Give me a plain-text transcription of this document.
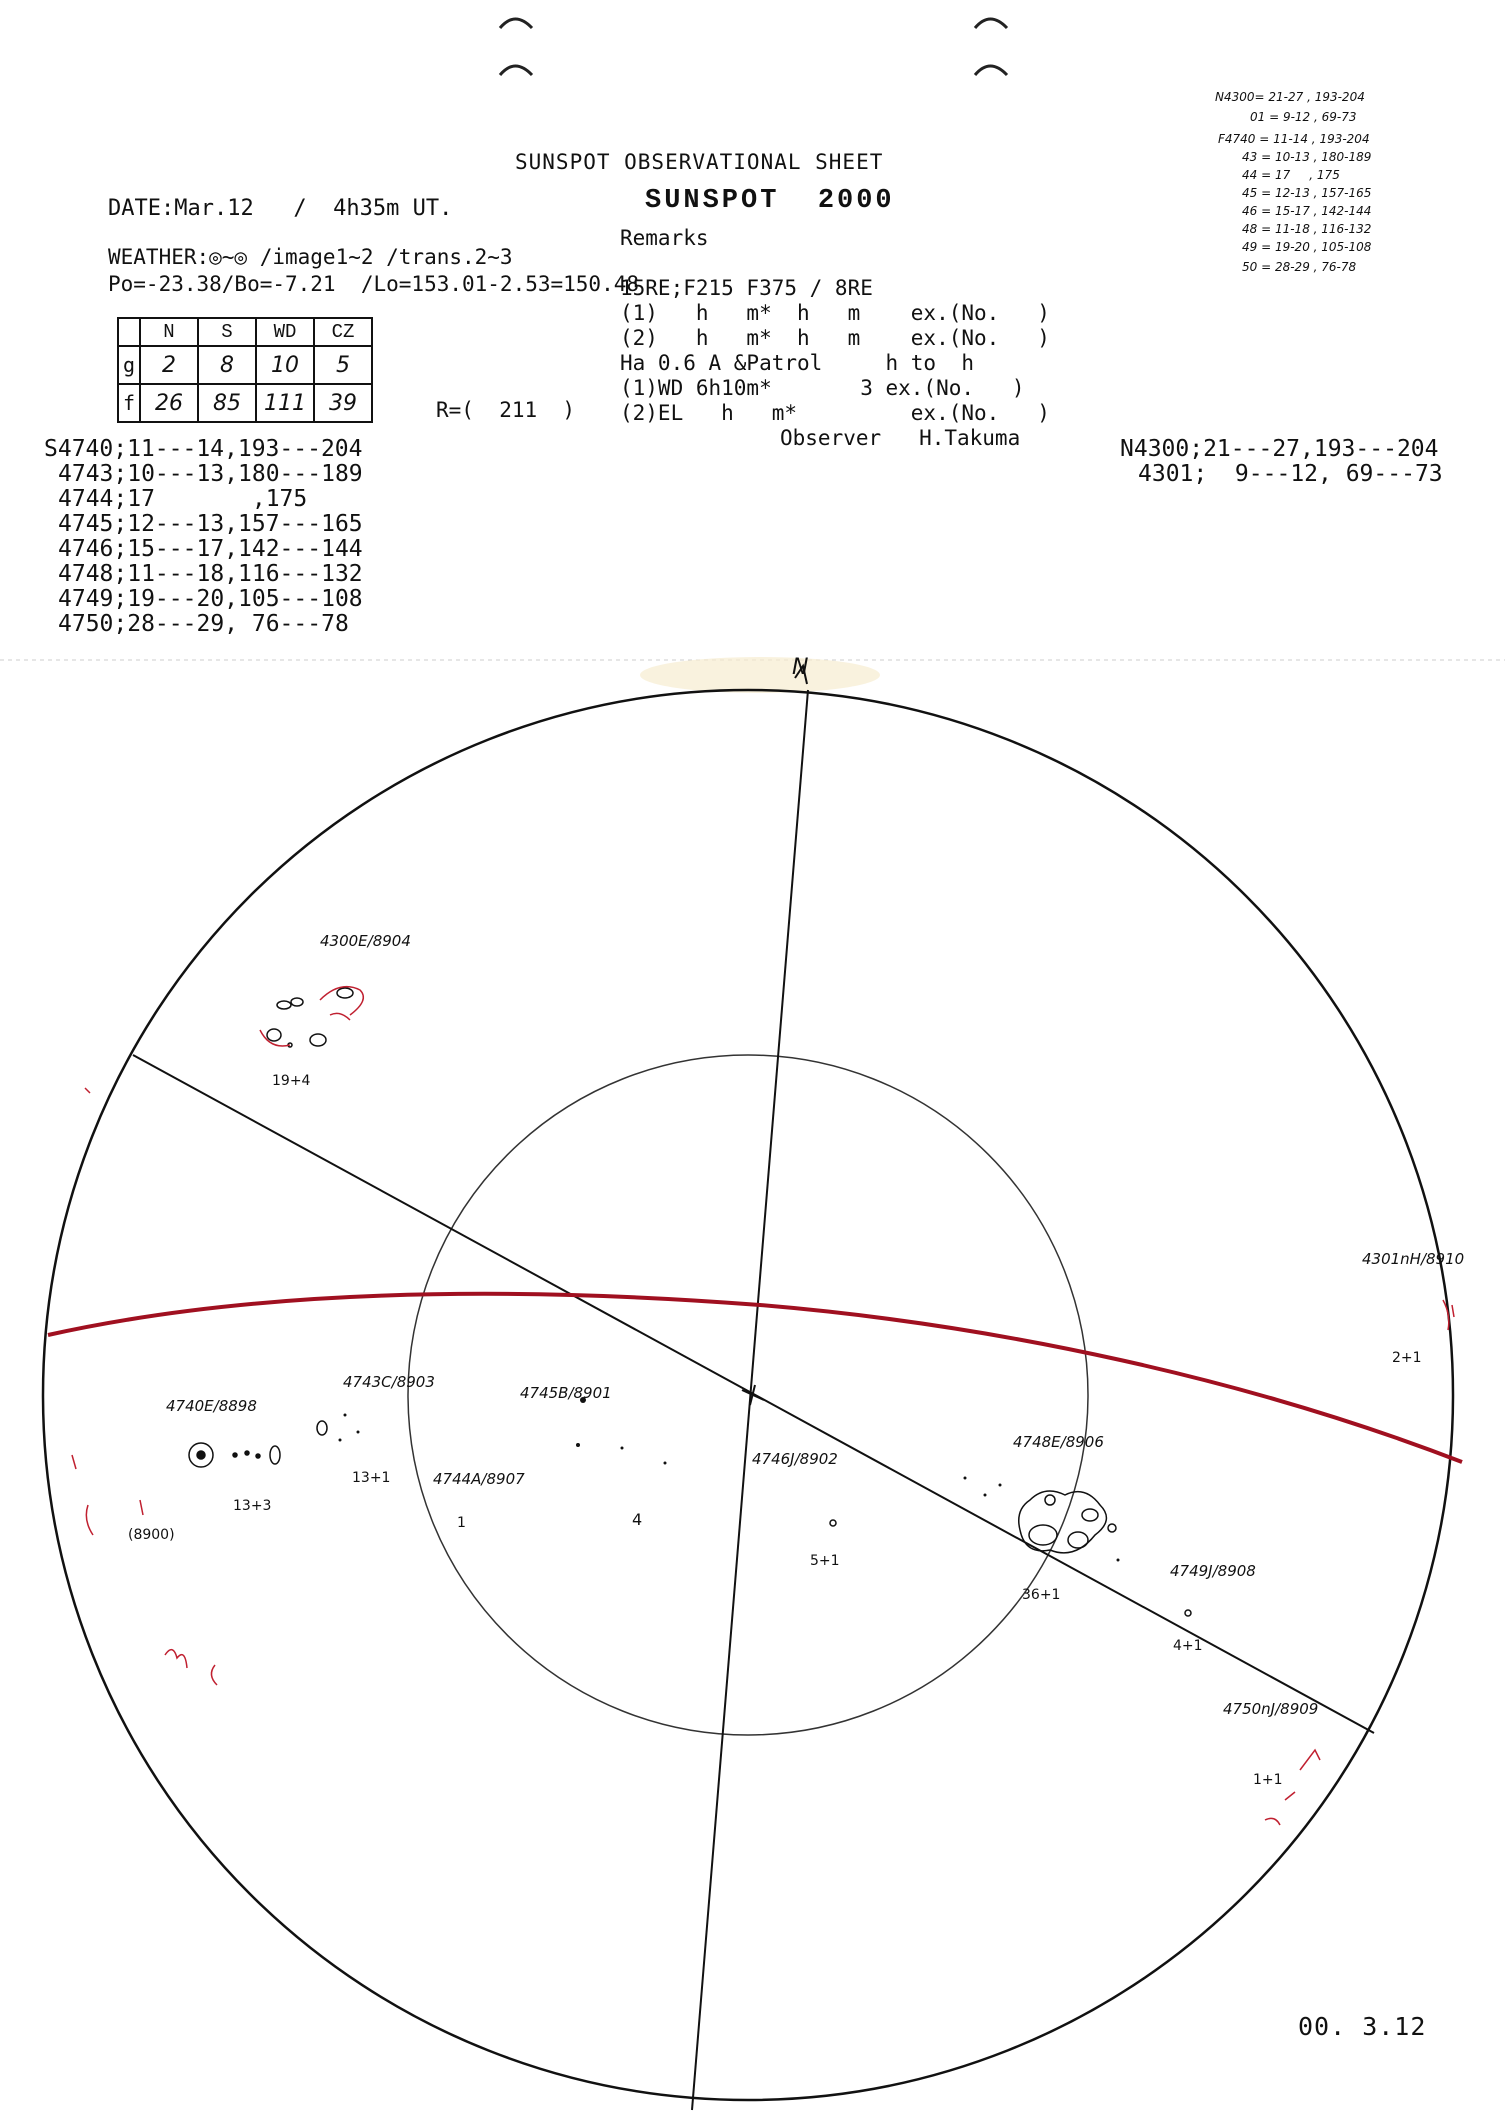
SUNSPOT OBSERVATIONAL SHEET
SUNSPOT  2000
Remarks
15RE;F215 F375 / 8RE
(1)   h   m*  h   m    ex.(No.   )
(2)   h   m*  h   m    ex.(No.   )
Ha 0.6 A &Patrol     h to  h
(1)WD 6h10m*       3 ex.(No.   )
(2)EL   h   m*         ex.(No.   )
Observer   H.Takuma
DATE:Mar.12   /  4h35m UT.
WEATHER:◎~◎ /image1~2 /trans.2~3
Po=-23.38/Bo=-7.21  /Lo=153.01-2.53=150.48
	N	S	WD	CZ
g	2	8	10	5
f	26	85	111	39	R=(  211  )
S4740;11---14,193---204
4743;10---13,180---189
4744;17       ,175
4745;12---13,157---165
4746;15---17,142---144
4748;11---18,116---132
4749;19---20,105---108
4750;28---29, 76---78
N4300;21---27,193---204
4301;  9---12, 69---73
N4300= 21-27 , 193-204
01 = 9-12 , 69-73
F4740 = 11-14 , 193-204
43 = 10-13 , 180-189
44 = 17     , 175
45 = 12-13 , 157-165
46 = 15-17 , 142-144
48 = 11-18 , 116-132
49 = 19-20 , 105-108
50 = 28-29 , 76-78
N
4300E/8904
19+4
4740E/8898
13+3
4743C/8903
13+1
4745B/8901
4
4744A/8907
1
4746J/8902
5+1
4748E/8906
36+1
4749J/8908
4+1
4750nJ/8909
1+1
4301nH/8910
2+1
(8900)
00. 3.12
